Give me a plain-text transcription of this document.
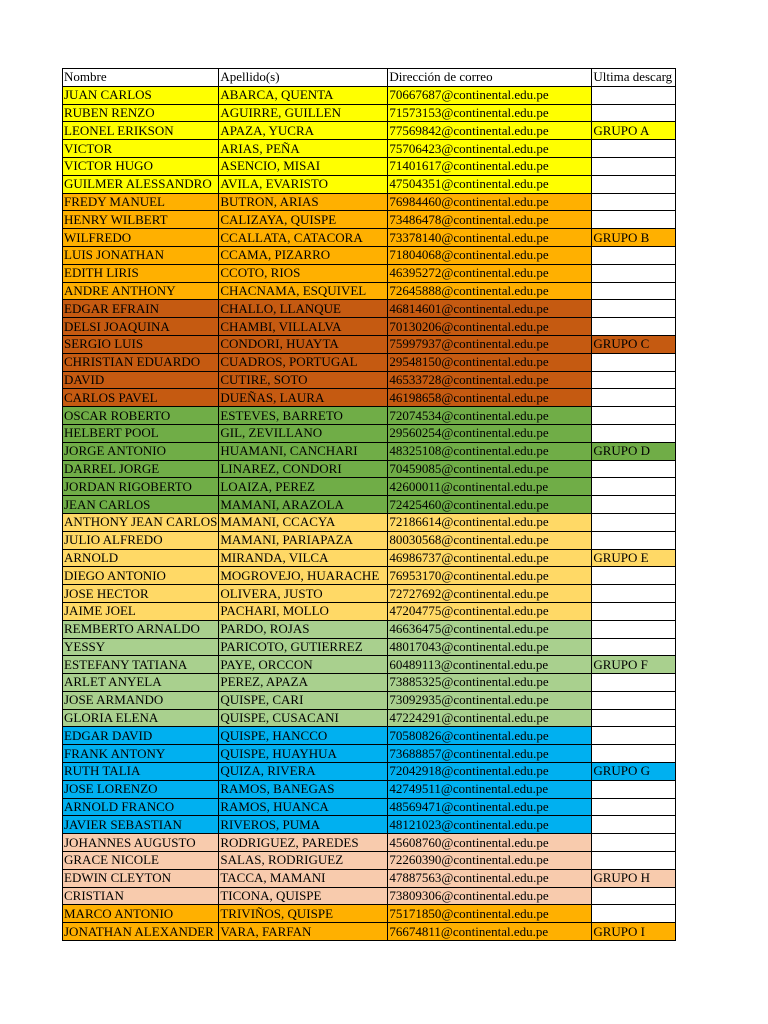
Nombre	Apellido(s)	Dirección de correo	Ultima descarg
JUAN CARLOS	ABARCA, QUENTA	70667687@continental.edu.pe	
RUBEN RENZO	AGUIRRE, GUILLEN	71573153@continental.edu.pe	
LEONEL ERIKSON	APAZA, YUCRA	77569842@continental.edu.pe	GRUPO A
VICTOR	ARIAS, PEÑA	75706423@continental.edu.pe	
VICTOR HUGO	ASENCIO, MISAI	71401617@continental.edu.pe	
GUILMER ALESSANDRO	AVILA, EVARISTO	47504351@continental.edu.pe	
FREDY MANUEL	BUTRON, ARIAS	76984460@continental.edu.pe	
HENRY WILBERT	CALIZAYA, QUISPE	73486478@continental.edu.pe	
WILFREDO	CCALLATA, CATACORA	73378140@continental.edu.pe	GRUPO B
LUIS JONATHAN	CCAMA, PIZARRO	71804068@continental.edu.pe	
EDITH LIRIS	CCOTO, RIOS	46395272@continental.edu.pe	
ANDRE ANTHONY	CHACNAMA, ESQUIVEL	72645888@continental.edu.pe	
EDGAR EFRAIN	CHALLO, LLANQUE	46814601@continental.edu.pe	
DELSI JOAQUINA	CHAMBI, VILLALVA	70130206@continental.edu.pe	
SERGIO LUIS	CONDORI, HUAYTA	75997937@continental.edu.pe	GRUPO C
CHRISTIAN EDUARDO	CUADROS, PORTUGAL	29548150@continental.edu.pe	
DAVID	CUTIRE, SOTO	46533728@continental.edu.pe	
CARLOS PAVEL	DUEÑAS, LAURA	46198658@continental.edu.pe	
OSCAR ROBERTO	ESTEVES, BARRETO	72074534@continental.edu.pe	
HELBERT POOL	GIL, ZEVILLANO	29560254@continental.edu.pe	
JORGE ANTONIO	HUAMANI, CANCHARI	48325108@continental.edu.pe	GRUPO D
DARREL JORGE	LINAREZ, CONDORI	70459085@continental.edu.pe	
JORDAN RIGOBERTO	LOAIZA, PEREZ	42600011@continental.edu.pe	
JEAN CARLOS	MAMANI, ARAZOLA	72425460@continental.edu.pe	
ANTHONY JEAN CARLOS	MAMANI, CCACYA	72186614@continental.edu.pe	
JULIO ALFREDO	MAMANI, PARIAPAZA	80030568@continental.edu.pe	
ARNOLD	MIRANDA, VILCA	46986737@continental.edu.pe	GRUPO E
DIEGO ANTONIO	MOGROVEJO, HUARACHE	76953170@continental.edu.pe	
JOSE HECTOR	OLIVERA, JUSTO	72727692@continental.edu.pe	
JAIME JOEL	PACHARI, MOLLO	47204775@continental.edu.pe	
REMBERTO ARNALDO	PARDO, ROJAS	46636475@continental.edu.pe	
YESSY	PARICOTO, GUTIERREZ	48017043@continental.edu.pe	
ESTEFANY TATIANA	PAYE, ORCCON	60489113@continental.edu.pe	GRUPO F
ARLET ANYELA	PEREZ, APAZA	73885325@continental.edu.pe	
JOSE ARMANDO	QUISPE, CARI	73092935@continental.edu.pe	
GLORIA ELENA	QUISPE, CUSACANI	47224291@continental.edu.pe	
EDGAR DAVID	QUISPE, HANCCO	70580826@continental.edu.pe	
FRANK ANTONY	QUISPE, HUAYHUA	73688857@continental.edu.pe	
RUTH TALIA	QUIZA, RIVERA	72042918@continental.edu.pe	GRUPO G
JOSE LORENZO	RAMOS, BANEGAS	42749511@continental.edu.pe	
ARNOLD FRANCO	RAMOS, HUANCA	48569471@continental.edu.pe	
JAVIER SEBASTIAN	RIVEROS, PUMA	48121023@continental.edu.pe	
JOHANNES AUGUSTO	RODRIGUEZ, PAREDES	45608760@continental.edu.pe	
GRACE NICOLE	SALAS, RODRIGUEZ	72260390@continental.edu.pe	
EDWIN CLEYTON	TACCA, MAMANI	47887563@continental.edu.pe	GRUPO H
CRISTIAN	TICONA, QUISPE	73809306@continental.edu.pe	
MARCO ANTONIO	TRIVIÑOS, QUISPE	75171850@continental.edu.pe	
JONATHAN ALEXANDER	VARA, FARFAN	76674811@continental.edu.pe	GRUPO I
